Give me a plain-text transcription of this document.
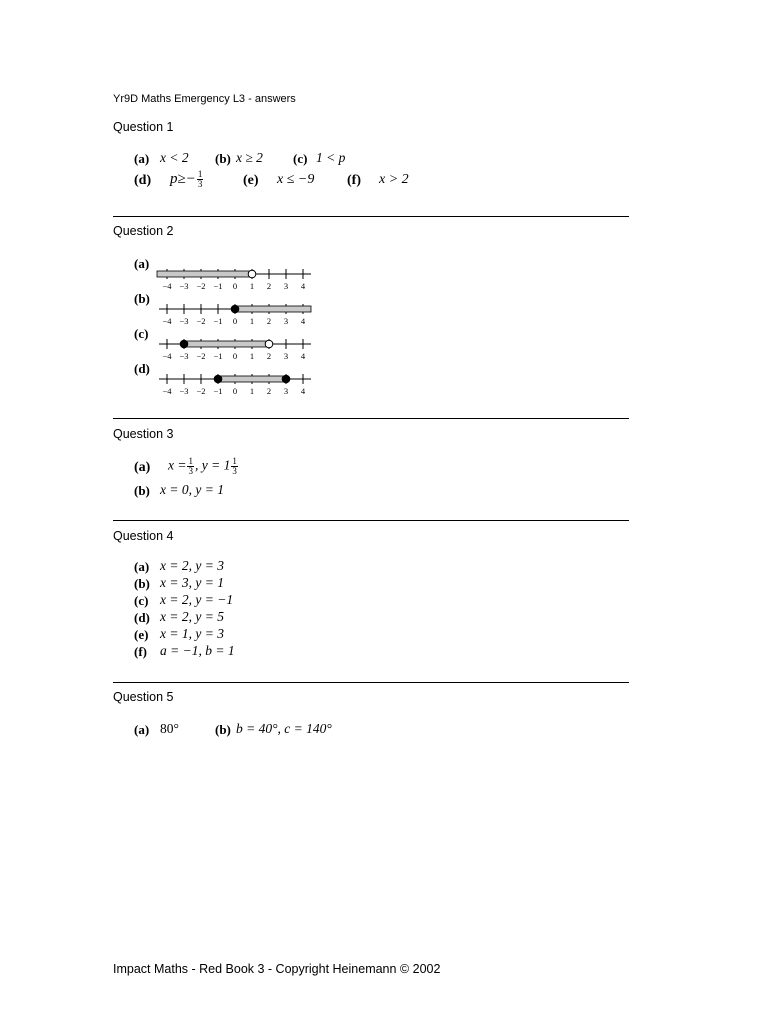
Yr9D Maths Emergency L3 - answers
Question 1
(a) x < 2 (b) x ≥ 2 (c) 1 < p
(d) $p\ge- \frac{1}{3}$	(e) x ≤ −9 (f) x > 2
Question 2
(a)
−4 −3 −2 −1 0 1 2 3 4
(b)
−4 −3 −2 −1 0 1 2 3 4
(c)
−4 −3 −2 −1 0 1 2 3 4
(d)
−4 −3 −2 −1 0 1 2 3 4
Question 3
(a) $x = \frac{1}{3}$ , $y = 1 \frac{1}{3}$
(b) x = 0, y = 1
Question 4
(a) x = 2, y = 3
(b) x = 3, y = 1
(c) x = 2, y = −1
(d) x = 2, y = 5
(e) x = 1, y = 3
(f) a = −1, b = 1
Question 5
(a) 80°	(b) b = 40°, c = 140°
Impact Maths - Red Book 3 - Copyright Heinemann © 2002
